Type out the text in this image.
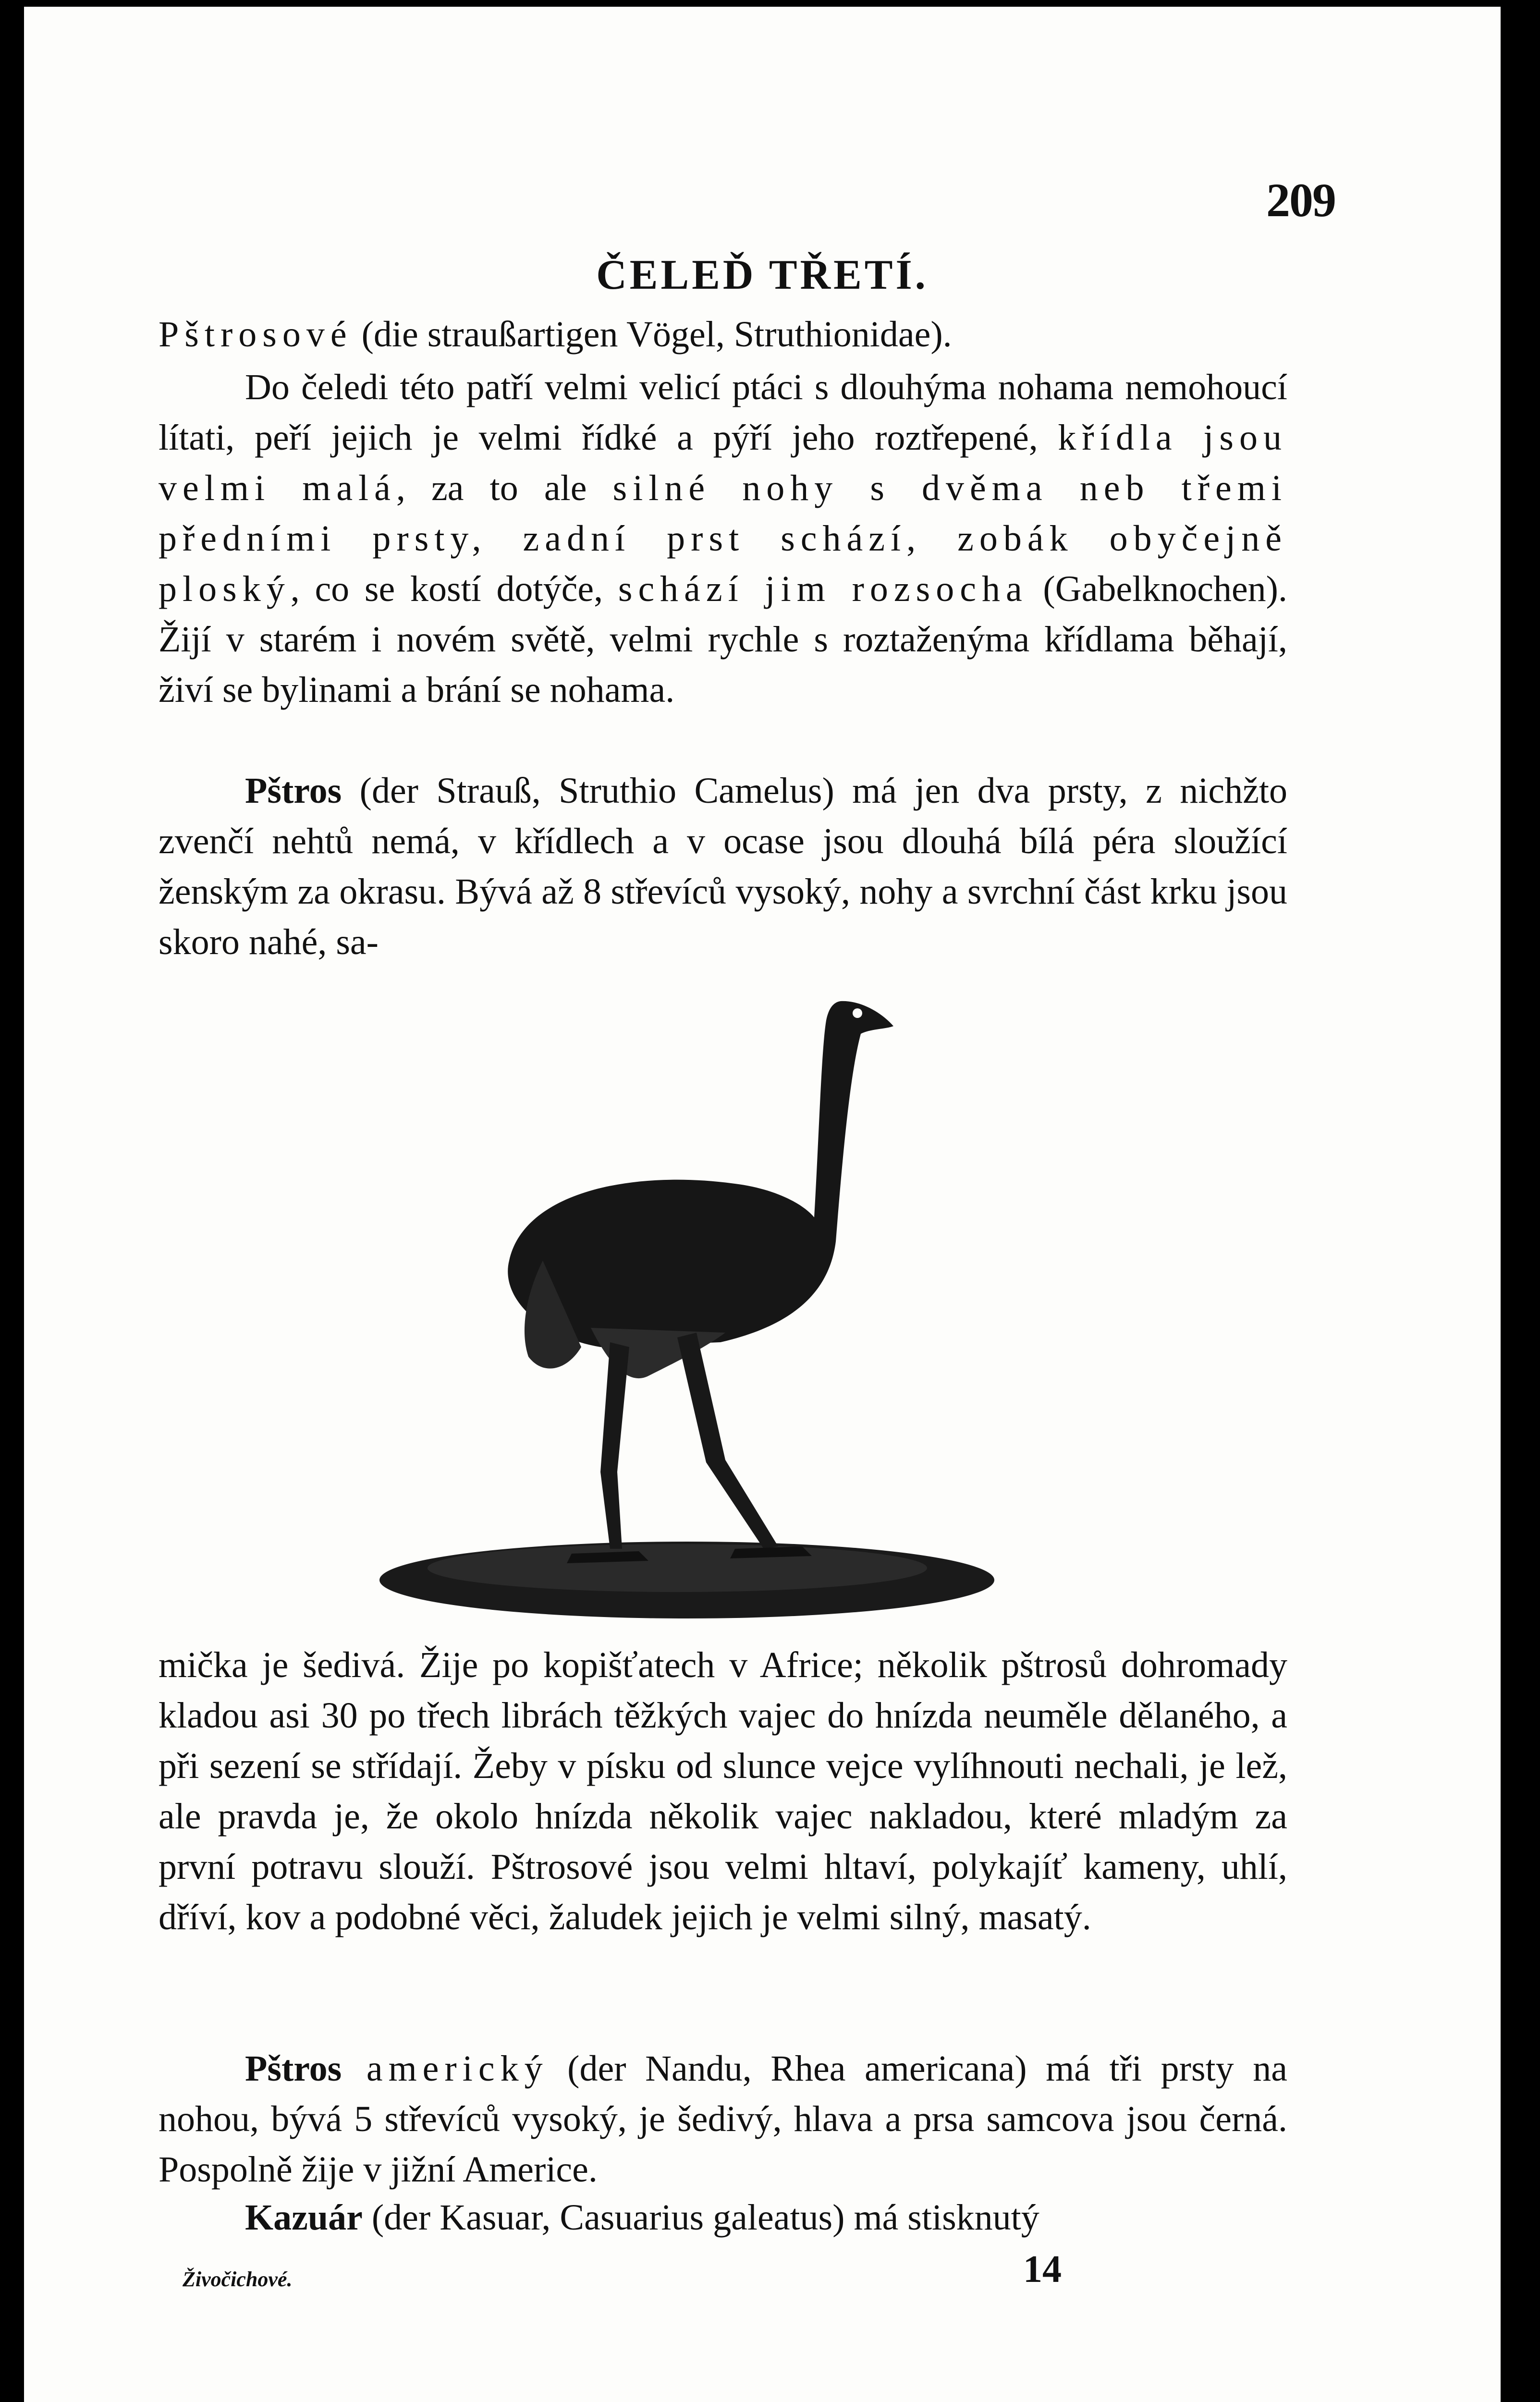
209
ČELEĎ TŘETÍ.

Pštrosové (die straußartigen Vögel, Struthionidae).

Do čeledi této patří velmi velicí ptáci s dlouhýma nohama nemohoucí lítati, peří jejich je velmi řídké a pýří jeho roztřepené, křídla jsou velmi malá, za to ale silné nohy s dvěma neb třemi předními prsty, zadní prst schází, zobák obyčejně ploský, co se kostí dotýče, schází jim rozsocha (Gabelknochen). Žijí v starém i novém světě, velmi rychle s roztaženýma křídlama běhají, živí se bylinami a brání se nohama.

Pštros (der Strauß, Struthio Camelus) má jen dva prsty, z nichžto zvenčí nehtů nemá, v křídlech a v ocase jsou dlouhá bílá péra sloužící ženským za okrasu. Bývá až 8 střevíců vysoký, nohy a svrchní část krku jsou skoro nahé, sa-

mička je šedivá. Žije po kopišťatech v Africe; několik pštrosů dohromady kladou asi 30 po třech librách těžkých vajec do hnízda neuměle dělaného, a při sezení se střídají. Žeby v písku od slunce vejce vylíhnouti nechali, je lež, ale pravda je, že okolo hnízda několik vajec nakladou, které mladým za první potravu slouží. Pštrosové jsou velmi hltaví, polykajíť kameny, uhlí, dříví, kov a podobné věci, žaludek jejich je velmi silný, masatý.

Pštros americký (der Nandu, Rhea americana) má tři prsty na nohou, bývá 5 střevíců vysoký, je šedivý, hlava a prsa samcova jsou černá. Pospolně žije v jižní Americe.

Kazuár (der Kasuar, Casuarius galeatus) má stisknutý

Živočichové.	14
